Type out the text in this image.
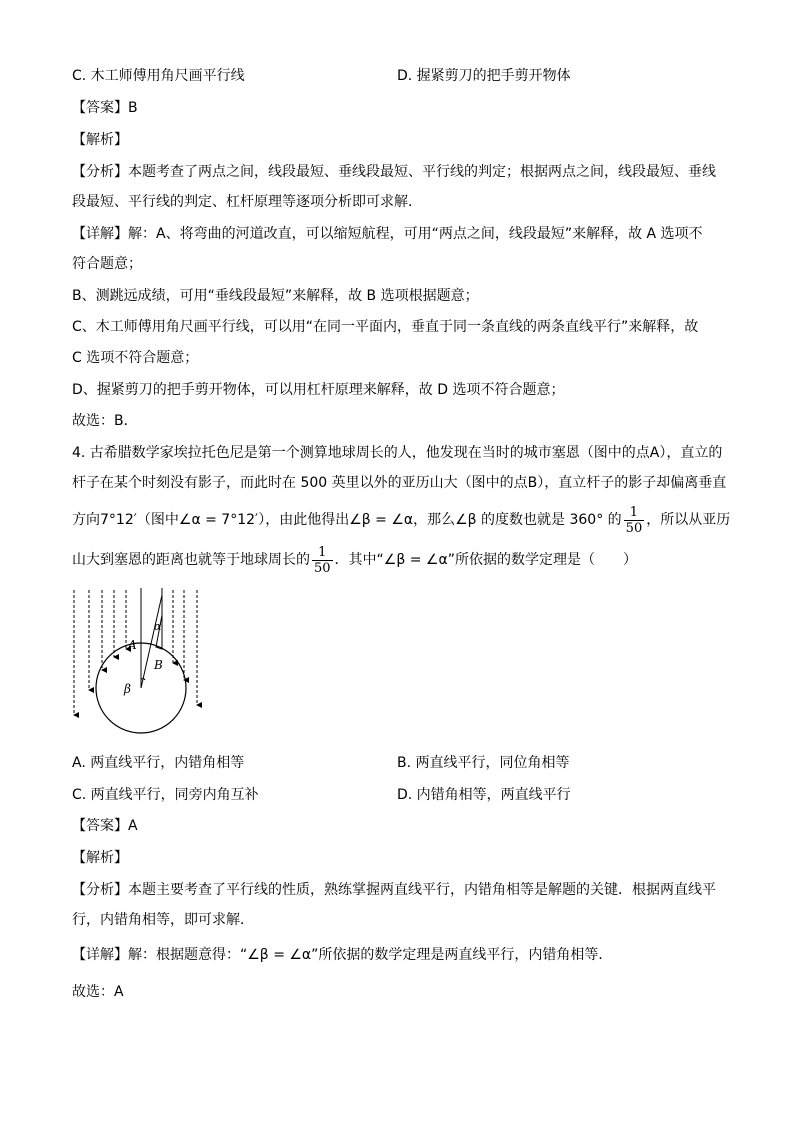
C. 木工师傅用角尺画平行线	D. 握紧剪刀的把手剪开物体
【答案】B
【解析】
【分析】本题考查了两点之间，线段最短、垂线段最短、平行线的判定；根据两点之间，线段最短、垂线
段最短、平行线的判定、杠杆原理等逐项分析即可求解．
【详解】解：A、将弯曲的河道改直，可以缩短航程，可用“两点之间，线段最短”来解释，故 A 选项不
符合题意；
B、测跳远成绩，可用“垂线段最短”来解释，故 B 选项根据题意；
C、木工师傅用角尺画平行线，可以用“在同一平面内，垂直于同一条直线的两条直线平行”来解释，故
C 选项不符合题意；
D、握紧剪刀的把手剪开物体，可以用杠杆原理来解释，故 D 选项不符合题意；
故选：B．
4. 古希腊数学家埃拉托色尼是第一个测算地球周长的人，他发现在当时的城市塞恩（图中的点A），直立的
杆子在某个时刻没有影子，而此时在 500 英里以外的亚历山大（图中的点B），直立杆子的影子却偏离垂直
方向7°12′（图中∠α = 7°12′），由此他得出∠β = ∠α，那么∠β 的度数也就是 360° 的 $\frac{1}{50}$ ，所以从亚历
山大到塞恩的距离也就等于地球周长的 $\frac{1}{50}$ ．其中“∠β = ∠α”所依据的数学定理是（　　）
A
B
α
β
A. 两直线平行，内错角相等	B. 两直线平行，同位角相等
C. 两直线平行，同旁内角互补	D. 内错角相等，两直线平行
【答案】A
【解析】
【分析】本题主要考查了平行线的性质，熟练掌握两直线平行，内错角相等是解题的关键．根据两直线平
行，内错角相等，即可求解．
【详解】解：根据题意得：“∠β = ∠α”所依据的数学定理是两直线平行，内错角相等．
故选：A
